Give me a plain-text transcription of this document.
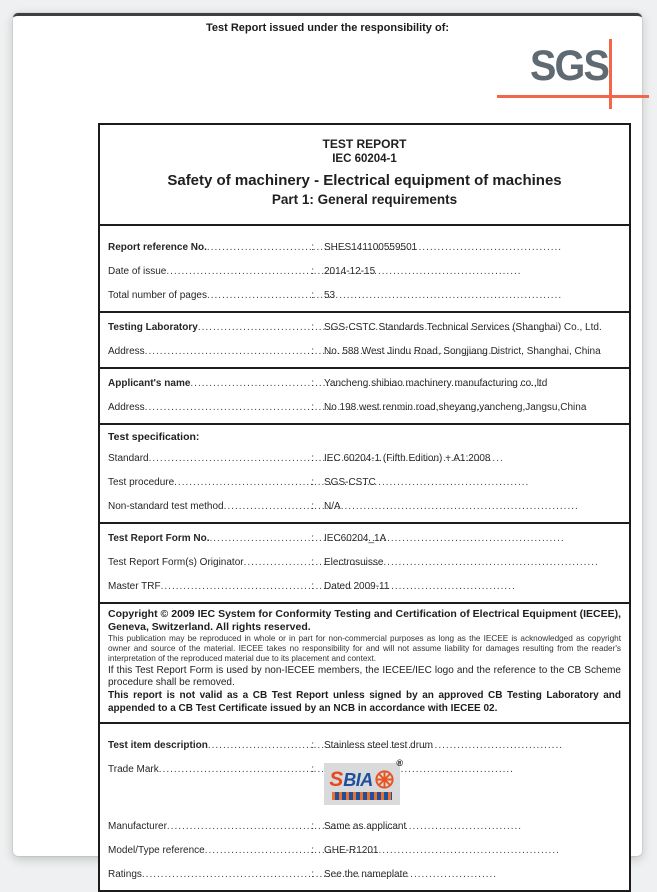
Test Report issued under the responsibility of:
SGS
TEST REPORT
IEC 60204-1
Safety of machinery - Electrical equipment of machines
Part 1: General requirements
Report reference No. .....	:	SHES141100559501
Date of issue .....	:	2014-12-15
Total number of pages .....	:	53
Testing Laboratory .....	:	SGS-CSTC Standards Technical Services (Shanghai) Co., Ltd.
Address .....	:	No. 588 West Jindu Road, Songjiang District, Shanghai, China
Applicant's name .....	:	Yancheng shibiao machinery manufacturing co.,ltd
Address .....	:	No 198 west renmin road,sheyang,yancheng,Jangsu,China
Test specification:
Standard .....	:	IEC 60204-1 (Fifth Edition) + A1:2008
Test procedure .....	:	SGS-CSTC
Non-standard test method .....	:	N/A
Test Report Form No. .....	:	IEC60204_1A
Test Report Form(s) Originator .....	:	Electrosuisse
Master TRF .....	:	Dated 2009-11
Copyright © 2009 IEC System for Conformity Testing and Certification of Electrical Equipment (IECEE), Geneva, Switzerland. All rights reserved.
This publication may be reproduced in whole or in part for non-commercial purposes as long as the IECEE is acknowledged as copyright owner and source of the material. IECEE takes no responsibility for and will not assume liability for damages resulting from the reader's interpretation of the reproduced material due to its placement and context.
If this Test Report Form is used by non-IECEE members, the IECEE/IEC logo and the reference to the CB Scheme procedure shall be removed.
This report is not valid as a CB Test Report unless signed by an approved CB Testing Laboratory and appended to a CB Test Certificate issued by an NCB in accordance with IECEE 02.
Test item description .....	:	Stainless steel test drum
Trade Mark .....	:
®
S BIA
Manufacturer .....	:	Same as applicant
Model/Type reference .....	:	GHE-R1201
Ratings .....	:	See the nameplate
